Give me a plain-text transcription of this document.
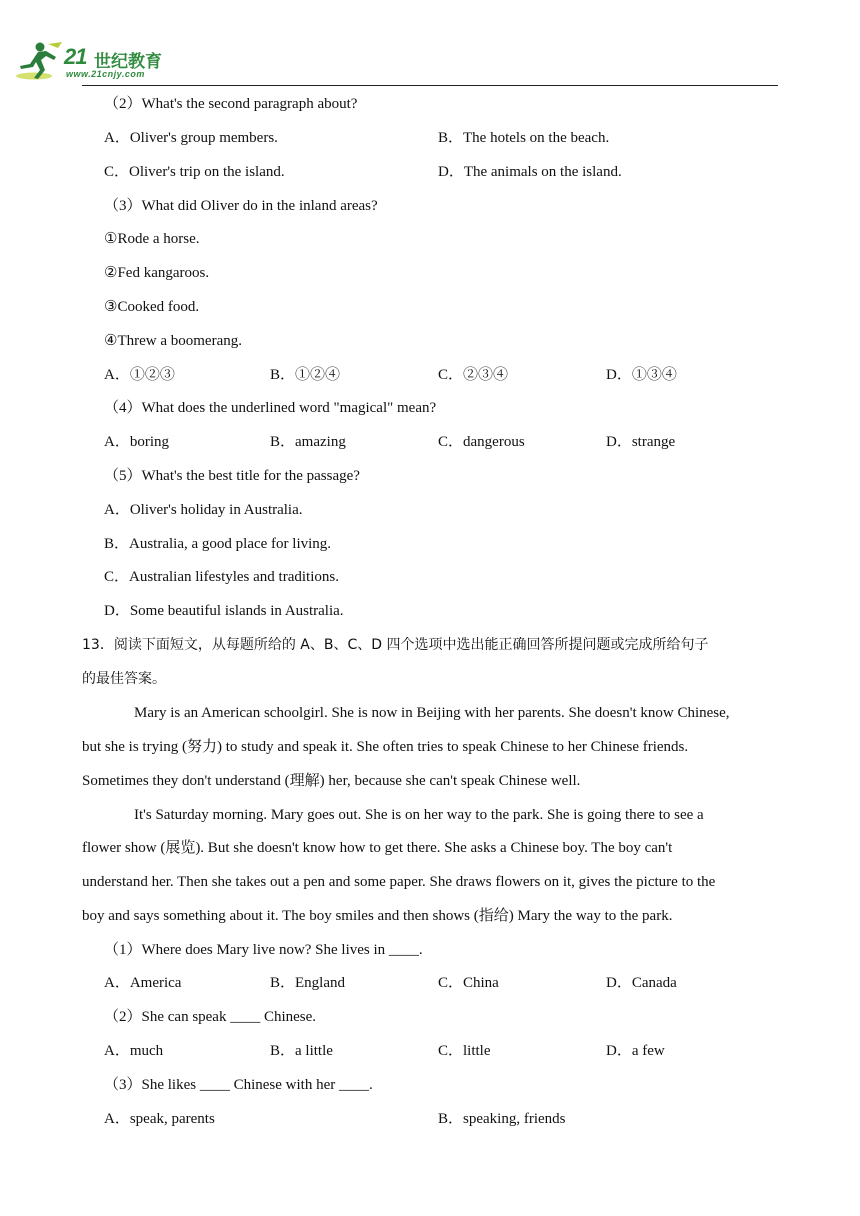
21 世纪教育
www.21cnjy.com
（2）What's the second paragraph about?
A．Oliver's group members.	B．The hotels on the beach.
C．Oliver's trip on the island.	D．The animals on the island.
（3）What did Oliver do in the inland areas?
①Rode a horse.
②Fed kangaroos.
③Cooked food.
④Threw a boomerang.
A．①②③	B．①②④	C．②③④	D．①③④
（4）What does the underlined word "magical" mean?
A．boring	B．amazing	C．dangerous	D．strange
（5）What's the best title for the passage?
A．Oliver's holiday in Australia.
B．Australia, a good place for living.
C．Australian lifestyles and traditions.
D．Some beautiful islands in Australia.
13．阅读下面短文，从每题所给的 A、B、C、D 四个选项中选出能正确回答所提问题或完成所给句子
的最佳答案。
Mary is an American schoolgirl. She is now in Beijing with her parents. She doesn't know Chinese,
but she is trying (努力) to study and speak it. She often tries to speak Chinese to her Chinese friends.
Sometimes they don't understand (理解) her, because she can't speak Chinese well.
It's Saturday morning. Mary goes out. She is on her way to the park. She is going there to see a
flower show (展览). But she doesn't know how to get there. She asks a Chinese boy. The boy can't
understand her. Then she takes out a pen and some paper. She draws flowers on it, gives the picture to the
boy and says something about it. The boy smiles and then shows (指给) Mary the way to the park.
（1）Where does Mary live now? She lives in ____.
A．America	B．England	C．China	D．Canada
（2）She can speak ____ Chinese.
A．much	B．a little	C．little	D．a few
（3）She likes ____ Chinese with her ____.
A．speak, parents	B．speaking, friends
